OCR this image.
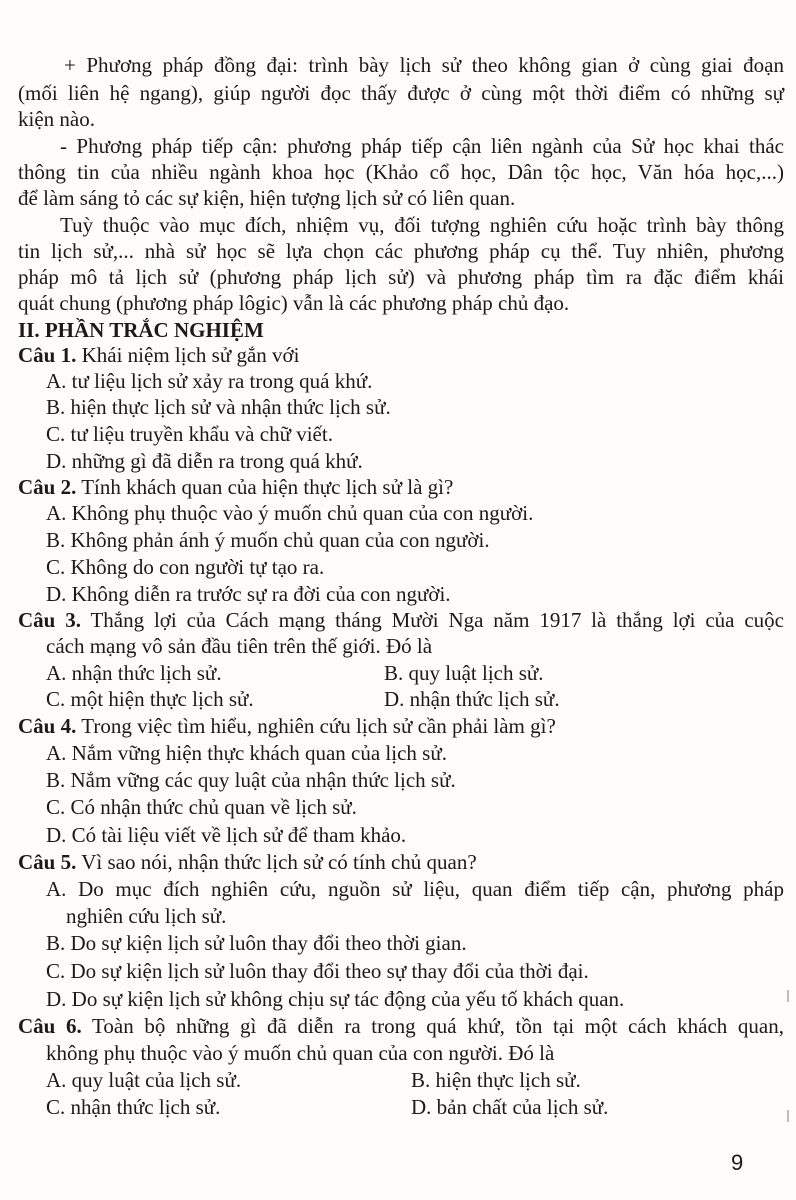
+ Phương pháp đồng đại: trình bày lịch sử theo không gian ở cùng giai đoạn
(mối liên hệ ngang), giúp người đọc thấy được ở cùng một thời điểm có những sự
kiện nào.
- Phương pháp tiếp cận: phương pháp tiếp cận liên ngành của Sử học khai thác
thông tin của nhiều ngành khoa học (Khảo cổ học, Dân tộc học, Văn hóa học,...)
để làm sáng tỏ các sự kiện, hiện tượng lịch sử có liên quan.
Tuỳ thuộc vào mục đích, nhiệm vụ, đối tượng nghiên cứu hoặc trình bày thông
tin lịch sử,... nhà sử học sẽ lựa chọn các phương pháp cụ thể. Tuy nhiên, phương
pháp mô tả lịch sử (phương pháp lịch sử) và phương pháp tìm ra đặc điểm khái
quát chung (phương pháp lôgic) vẫn là các phương pháp chủ đạo.
II. PHẦN TRẮC NGHIỆM
Câu 1. Khái niệm lịch sử gắn với
A. tư liệu lịch sử xảy ra trong quá khứ.
B. hiện thực lịch sử và nhận thức lịch sử.
C. tư liệu truyền khẩu và chữ viết.
D. những gì đã diễn ra trong quá khứ.
Câu 2. Tính khách quan của hiện thực lịch sử là gì?
A. Không phụ thuộc vào ý muốn chủ quan của con người.
B. Không phản ánh ý muốn chủ quan của con người.
C. Không do con người tự tạo ra.
D. Không diễn ra trước sự ra đời của con người.
Câu 3. Thắng lợi của Cách mạng tháng Mười Nga năm 1917 là thắng lợi của cuộc
cách mạng vô sản đầu tiên trên thế giới. Đó là
A. nhận thức lịch sử.	B. quy luật lịch sử.
C. một hiện thực lịch sử.	D. nhận thức lịch sử.
Câu 4. Trong việc tìm hiểu, nghiên cứu lịch sử cần phải làm gì?
A. Nắm vững hiện thực khách quan của lịch sử.
B. Nắm vững các quy luật của nhận thức lịch sử.
C. Có nhận thức chủ quan về lịch sử.
D. Có tài liệu viết về lịch sử để tham khảo.
Câu 5. Vì sao nói, nhận thức lịch sử có tính chủ quan?
A. Do mục đích nghiên cứu, nguồn sử liệu, quan điểm tiếp cận, phương pháp
nghiên cứu lịch sử.
B. Do sự kiện lịch sử luôn thay đổi theo thời gian.
C. Do sự kiện lịch sử luôn thay đổi theo sự thay đổi của thời đại.
D. Do sự kiện lịch sử không chịu sự tác động của yếu tố khách quan.
Câu 6. Toàn bộ những gì đã diễn ra trong quá khứ, tồn tại một cách khách quan,
không phụ thuộc vào ý muốn chủ quan của con người. Đó là
A. quy luật của lịch sử.	B. hiện thực lịch sử.
C. nhận thức lịch sử.	D. bản chất của lịch sử.
9
